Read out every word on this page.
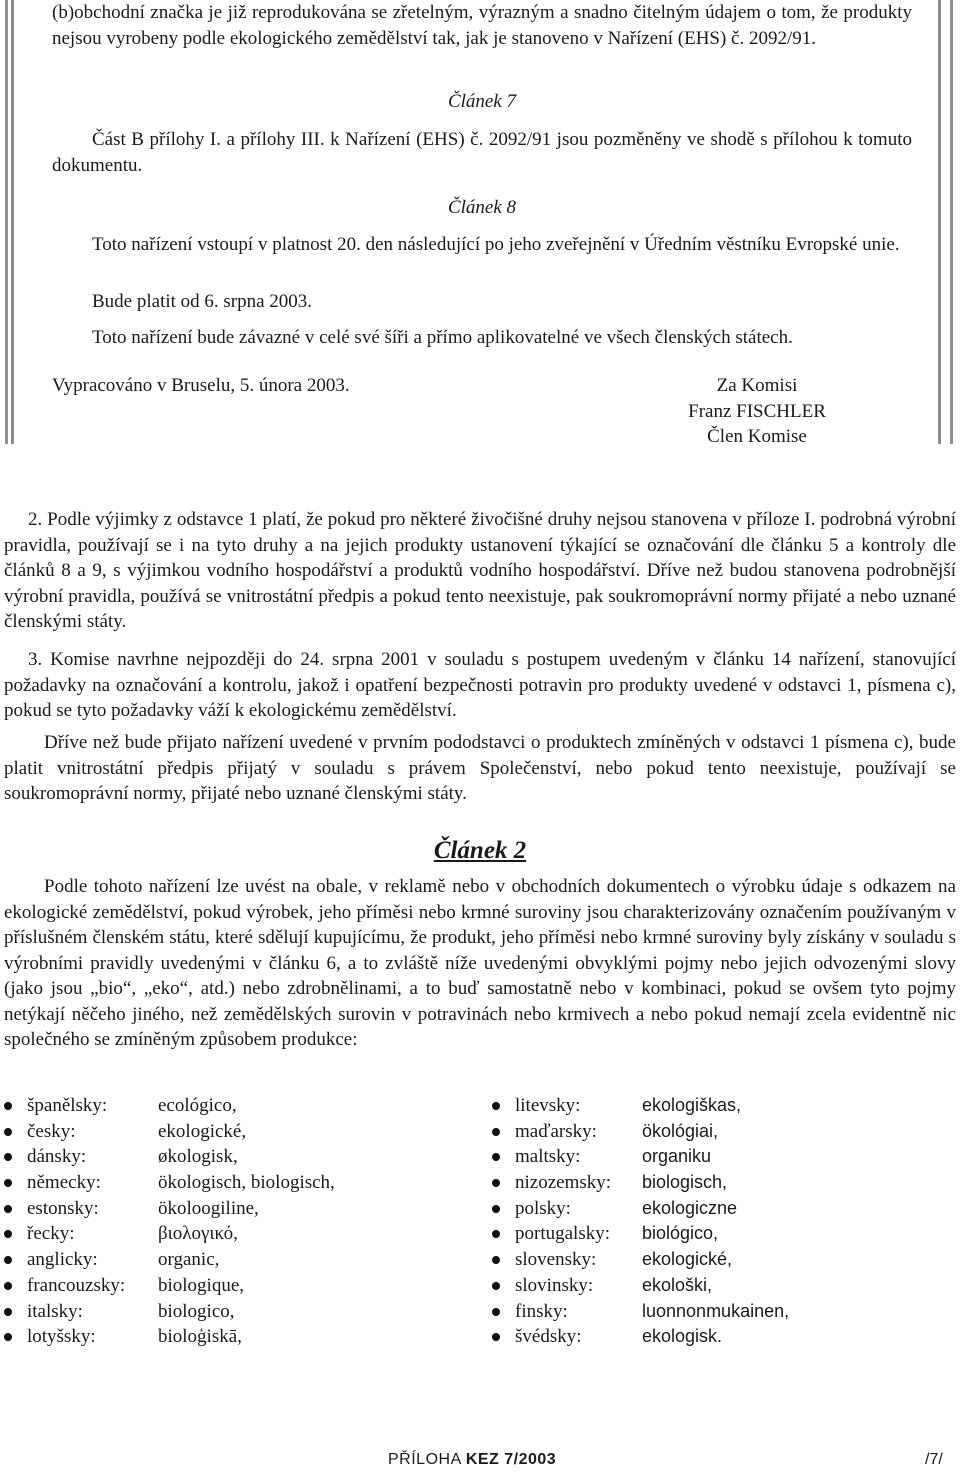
(b)obchodní značka je již reprodukována se zřetelným, výrazným a snadno čitelným údajem o tom, že produkty nejsou vyrobeny podle ekologického zemědělství tak, jak je stanoveno v Nařízení (EHS) č. 2092/91.

Článek 7

Část B přílohy I. a přílohy III. k Nařízení (EHS) č. 2092/91 jsou pozměněny ve shodě s přílohou k tomuto dokumentu.

Článek 8

Toto nařízení vstoupí v platnost 20. den následující po jeho zveřejnění v Úředním věstníku Evropské unie.

Bude platit od 6. srpna 2003.

Toto nařízení bude závazné v celé své šíři a přímo aplikovatelné ve všech členských státech.

Vypracováno v Bruselu, 5. února 2003.	Za Komisi
Franz FISCHLER
Člen Komise

2. Podle výjimky z odstavce 1 platí, že pokud pro některé živočišné druhy nejsou stanovena v příloze I. podrobná výrobní pravidla, používají se i na tyto druhy a na jejich produkty ustanovení týkající se označování dle článku 5 a kontroly dle článků 8 a 9, s výjimkou vodního hospodářství a produktů vodního hospodářství. Dříve než budou stanovena podrobnější výrobní pravidla, používá se vnitrostátní předpis a pokud tento neexistuje, pak soukromoprávní normy přijaté a nebo uznané členskými státy.

3. Komise navrhne nejpozději do 24. srpna 2001 v souladu s postupem uvedeným v článku 14 nařízení, stanovující požadavky na označování a kontrolu, jakož i opatření bezpečnosti potravin pro produkty uvedené v odstavci 1, písmena c), pokud se tyto požadavky váží k ekologickému zemědělství.

Dříve než bude přijato nařízení uvedené v prvním pododstavci o produktech zmíněných v odstavci 1 písmena c), bude platit vnitrostátní předpis přijatý v souladu s právem Společenství, nebo pokud tento neexistuje, používají se soukromoprávní normy, přijaté nebo uznané členskými státy.

Článek 2

Podle tohoto nařízení lze uvést na obale, v reklamě nebo v obchodních dokumentech o výrobku údaje s odkazem na ekologické zemědělství, pokud výrobek, jeho příměsi nebo krmné suroviny jsou charakterizovány označením používaným v příslušném členském státu, které sdělují kupujícímu, že produkt, jeho příměsi nebo krmné suroviny byly získány v souladu s výrobními pravidly uvedenými v článku 6, a to zvláště níže uvedenými obvyklými pojmy nebo jejich odvozenými slovy (jako jsou „bio“, „eko“, atd.) nebo zdrobnělinami, a to buď samostatně nebo v kombinaci, pokud se ovšem tyto pojmy netýkají něčeho jiného, než zemědělských surovin v potravinách nebo krmivech a nebo pokud nemají zcela evidentně nic společného se zmíněným způsobem produkce:

španělsky:	ecológico,
česky:	ekologické,
dánsky:	økologisk,
německy:	ökologisch, biologisch,
estonsky:	ökoloogiline,
řecky:	βιολογικό,
anglicky:	organic,
francouzsky: biologique,
italsky:	biologico,
lotyšsky:	bioloģiskā,
litevsky:	ekologiškas,
maďarsky:	ökológiai,
maltsky:	organiku
nizozemsky: biologisch,
polsky:	ekologiczne
portugalsky: biológico,
slovensky:	ekologické,
slovinsky:	ekološki,
finsky:	luonnonmukainen,
švédsky:	ekologisk.
PŘÍLOHA KEZ 7/2003	/7/
